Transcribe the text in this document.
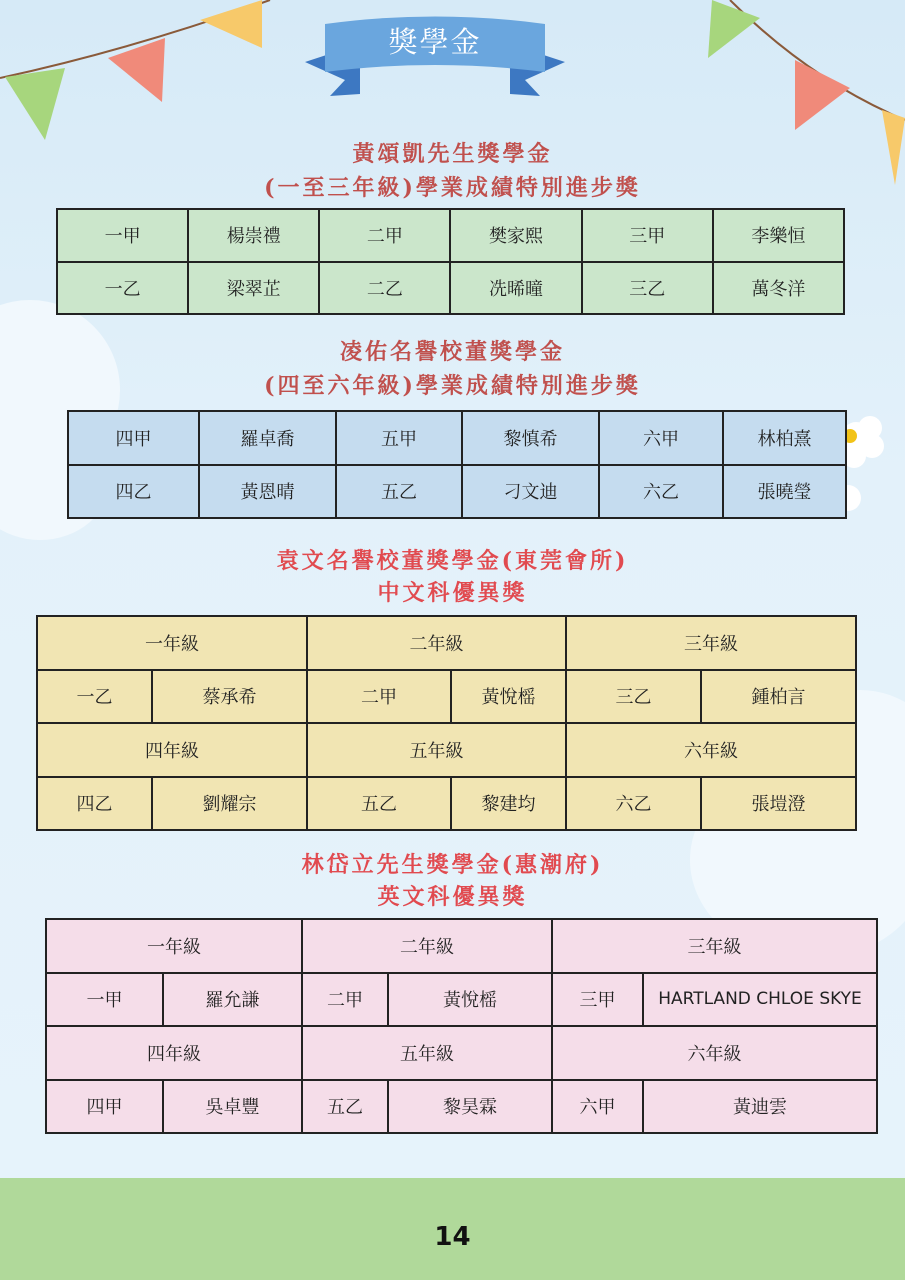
獎學金
黃頌凱先生獎學金
(一至三年級)學業成績特別進步獎
一甲	楊崇禮	二甲	樊家熙	三甲	李樂恒
一乙	梁翠芷	二乙	冼晞曈	三乙	萬冬洋
凌佑名譽校董獎學金
(四至六年級)學業成績特別進步獎
四甲	羅卓喬	五甲	黎慎希	六甲	林柏熹
四乙	黃恩晴	五乙	刁文迪	六乙	張曉瑩
袁文名譽校董獎學金(東莞會所)
中文科優異獎
一年級		二年級		三年級	
一乙	蔡承希	二甲	黃悅榣	三乙	鍾柏言
四年級		五年級		六年級	
四乙	劉耀宗	五乙	黎建均	六乙	張塏澄
林岱立先生獎學金(惠潮府)
英文科優異獎
一年級		二年級		三年級	
一甲	羅允謙	二甲	黃悅榣	三甲	HARTLAND CHLOE SKYE
四年級		五年級		六年級	
四甲	吳卓豐	五乙	黎昊霖	六甲	黃迪雲
14
